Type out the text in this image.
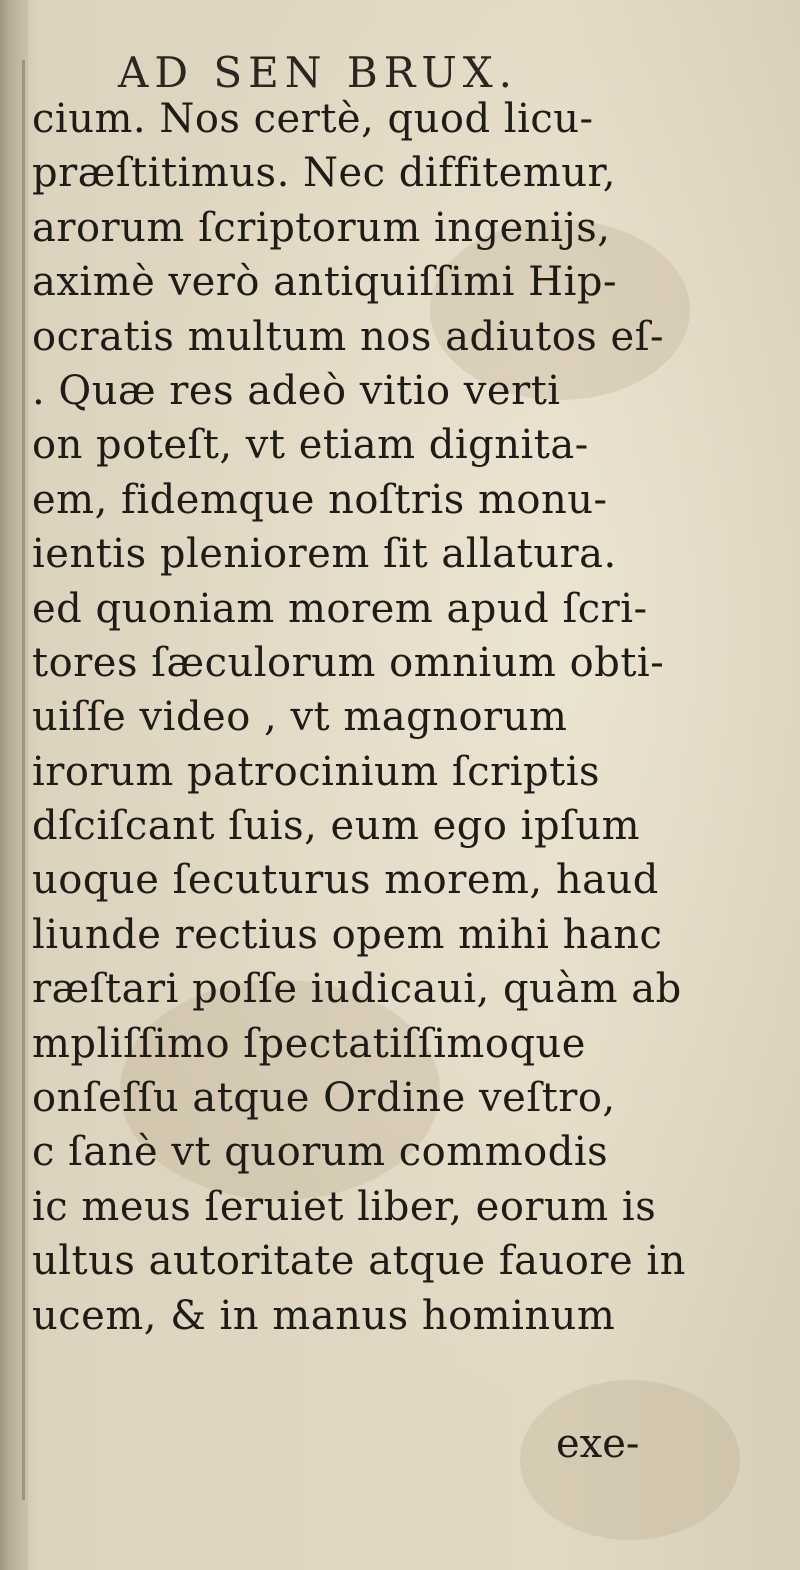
AD SEN BRUX.
cium. Nos certè, quod licu-
præſtitimus. Nec diffitemur,
arorum ſcriptorum ingenijs,
aximè verò antiquiſſimi Hip-
ocratis multum nos adiutos eſ-
. Quæ res adeò vitio verti
on poteſt, vt etiam dignita-
em, fidemque noſtris monu-
ientis pleniorem ſit allatura.
ed quoniam morem apud ſcri-
tores ſæculorum omnium obti-
uiſſe video , vt magnorum
irorum patrocinium ſcriptis
dſciſcant ſuis, eum ego ipſum
uoque ſecuturus morem, haud
liunde rectius opem mihi hanc
ræſtari poſſe iudicaui, quàm ab
mpliſſimo ſpectatiſſimoque
onſeſſu atque Ordine veſtro,
c ſanè vt quorum commodis
ic meus ſeruiet liber, eorum is
ultus autoritate atque fauore in
ucem, & in manus hominum
exe-
